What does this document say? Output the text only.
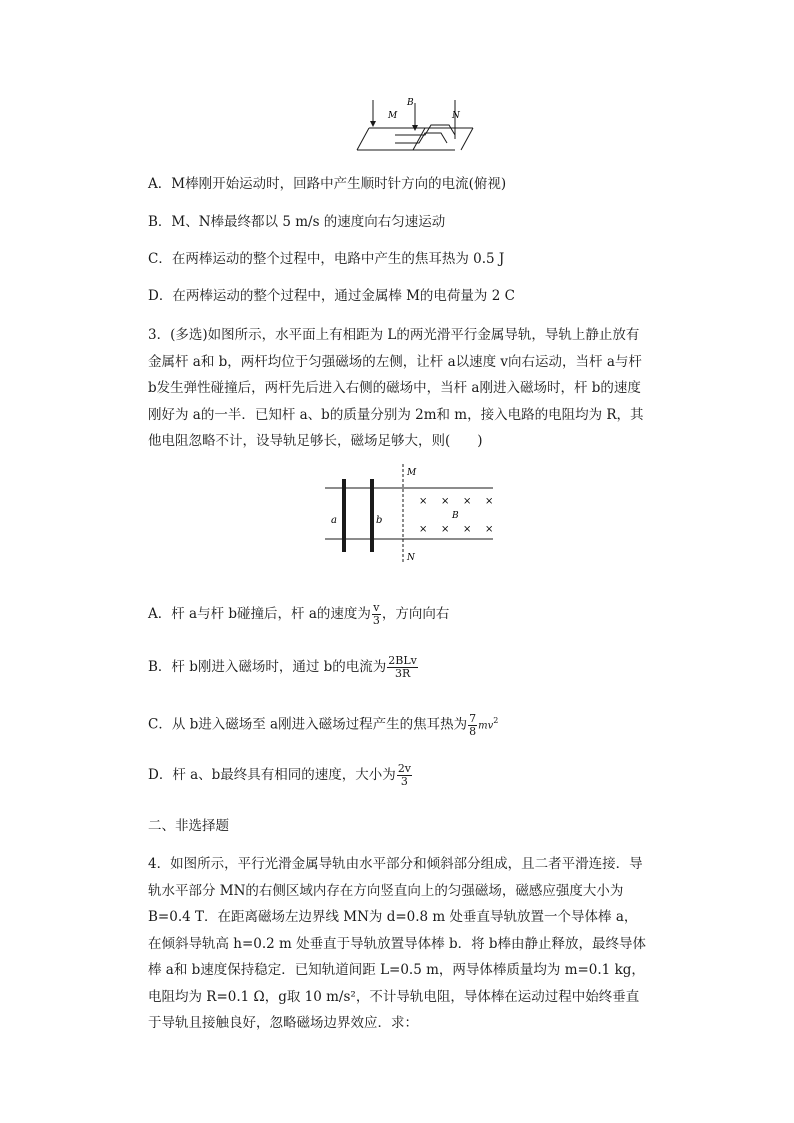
B
M	N
A．M棒刚开始运动时，回路中产生顺时针方向的电流(俯视)
B．M、N棒最终都以 5 m/s 的速度向右匀速运动
C．在两棒运动的整个过程中，电路中产生的焦耳热为 0.5 J
D．在两棒运动的整个过程中，通过金属棒 M的电荷量为 2 C
3．(多选)如图所示，水平面上有相距为 L的两光滑平行金属导轨，导轨上静止放有金属杆 a和 b，两杆均位于匀强磁场的左侧，让杆 a以速度 v向右运动，当杆 a与杆 b发生弹性碰撞后，两杆先后进入右侧的磁场中，当杆 a刚进入磁场时，杆 b的速度刚好为 a的一半．已知杆 a、b的质量分别为 2m和 m，接入电路的电阻均为 R，其他电阻忽略不计，设导轨足够长，磁场足够大，则(　　)
a	b
M
N
B
× × × ×
× × × ×
A．杆 a与杆 b碰撞后，杆 a的速度为 $\frac{v}{3}$ ，方向向右
B．杆 b刚进入磁场时，通过 b的电流为 $\frac{\text{2BLv}}{3R}$
C．从 b进入磁场至 a刚进入磁场过程产生的焦耳热为 $\frac{7}{8} mv^2$
D．杆 a、b最终具有相同的速度，大小为 $\frac{2v}{3}$
二、非选择题
4．如图所示，平行光滑金属导轨由水平部分和倾斜部分组成，且二者平滑连接．导轨水平部分 MN的右侧区域内存在方向竖直向上的匀强磁场，磁感应强度大小为 B=0.4 T．在距离磁场左边界线 MN为 d=0.8 m 处垂直导轨放置一个导体棒 a，在倾斜导轨高 h=0.2 m 处垂直于导轨放置导体棒 b．将 b棒由静止释放，最终导体棒 a和 b速度保持稳定．已知轨道间距 L=0.5 m，两导体棒质量均为 m=0.1 kg，电阻均为 R=0.1 Ω，g取 10 m/s²，不计导轨电阻，导体棒在运动过程中始终垂直于导轨且接触良好，忽略磁场边界效应．求：
